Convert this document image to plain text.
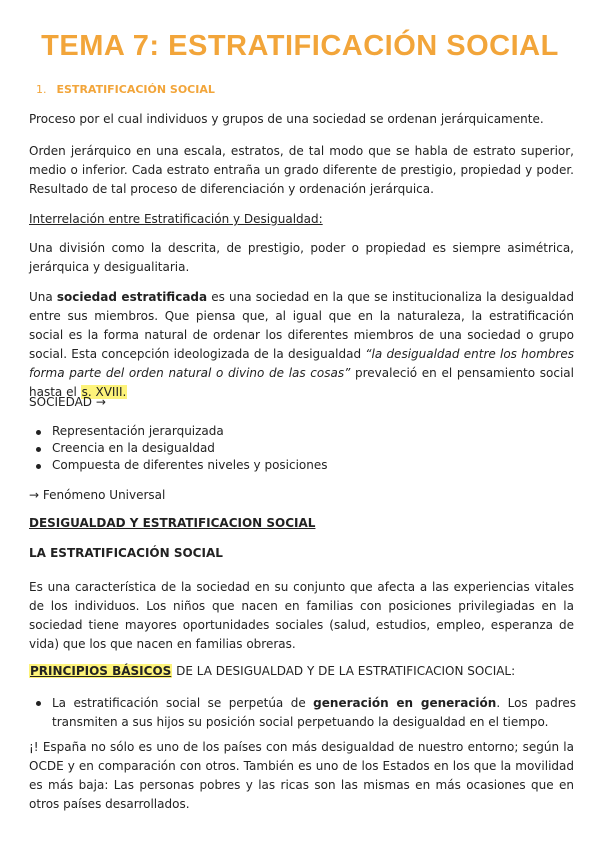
TEMA 7: ESTRATIFICACIÓN SOCIAL
1. ESTRATIFICACIÓN SOCIAL
Proceso por el cual individuos y grupos de una sociedad se ordenan jerárquicamente.
Orden jerárquico en una escala, estratos, de tal modo que se habla de estrato superior, medio o inferior. Cada estrato entraña un grado diferente de prestigio, propiedad y poder. Resultado de tal proceso de diferenciación y ordenación jerárquica.
Interrelación entre Estratificación y Desigualdad:
Una división como la descrita, de prestigio, poder o propiedad es siempre asimétrica, jerárquica y desigualitaria.
Una sociedad estratificada es una sociedad en la que se institucionaliza la desigualdad entre sus miembros. Que piensa que, al igual que en la naturaleza, la estratificación social es la forma natural de ordenar los diferentes miembros de una sociedad o grupo social. Esta concepción ideologizada de la desigualdad “la desigualdad entre los hombres forma parte del orden natural o divino de las cosas” prevaleció en el pensamiento social hasta el s. XVIII.
SOCIEDAD →
Representación jerarquizada
Creencia en la desigualdad
Compuesta de diferentes niveles y posiciones
→ Fenómeno Universal
DESIGUALDAD Y ESTRATIFICACION SOCIAL
LA ESTRATIFICACIÓN SOCIAL
Es una característica de la sociedad en su conjunto que afecta a las experiencias vitales de los individuos. Los niños que nacen en familias con posiciones privilegiadas en la sociedad tiene mayores oportunidades sociales (salud, estudios, empleo, esperanza de vida) que los que nacen en familias obreras.
PRINCIPIOS BÁSICOS DE LA DESIGUALDAD Y DE LA ESTRATIFICACION SOCIAL:
La estratificación social se perpetúa de generación en generación. Los padres transmiten a sus hijos su posición social perpetuando la desigualdad en el tiempo.
¡! España no sólo es uno de los países con más desigualdad de nuestro entorno; según la OCDE y en comparación con otros. También es uno de los Estados en los que la movilidad es más baja: Las personas pobres y las ricas son las mismas en más ocasiones que en otros países desarrollados.
